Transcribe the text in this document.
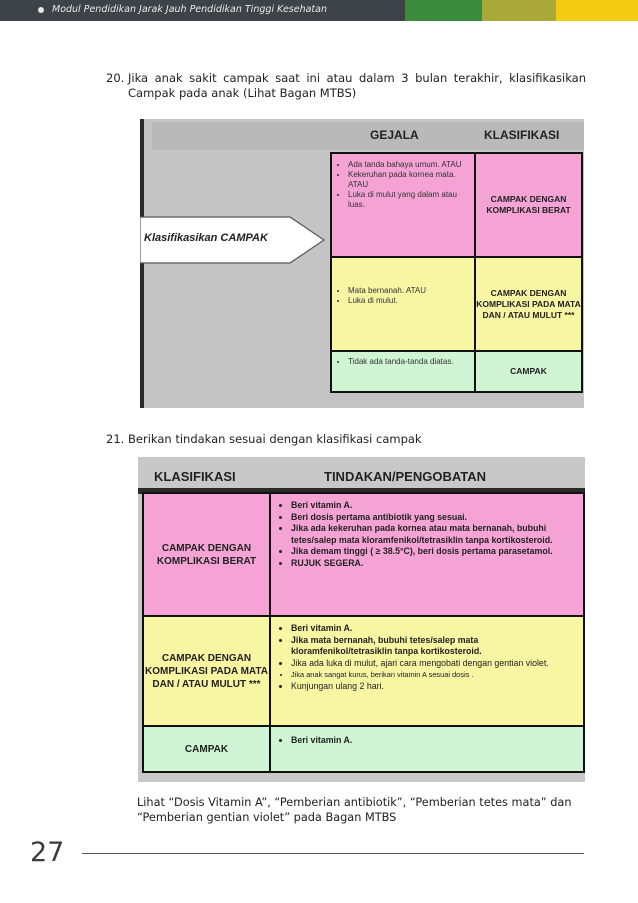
Modul Pendidikan Jarak Jauh Pendidikan Tinggi Kesehatan
20. Jika anak sakit campak saat ini atau dalam 3 bulan terakhir, klasifikasikan Campak pada anak (Lihat Bagan MTBS)
GEJALA	KLASIFIKASI
Klasifikasikan CAMPAK
• Ada tanda bahaya umum. ATAU
• Kekeruhan pada kornea mata. ATAU
• Luka di mulut yang dalam atau luas.
CAMPAK DENGAN KOMPLIKASI BERAT
• Mata bernanah. ATAU
• Luka di mulut.
CAMPAK DENGAN KOMPLIKASI PADA MATA DAN / ATAU MULUT ***
• Tidak ada tanda-tanda diatas.
CAMPAK
21. Berikan tindakan sesuai dengan klasifikasi campak
KLASIFIKASI	TINDAKAN/PENGOBATAN
CAMPAK DENGAN KOMPLIKASI BERAT
• Beri vitamin A.
• Beri dosis pertama antibiotik yang sesuai.
• Jika ada kekeruhan pada kornea atau mata bernanah, bubuhi tetes/salep mata kloramfenikol/tetrasiklin tanpa kortikosteroid.
• Jika demam tinggi ( ≥ 38.5°C), beri dosis pertama parasetamol.
• RUJUK SEGERA.
CAMPAK DENGAN KOMPLIKASI PADA MATA DAN / ATAU MULUT ***
• Beri vitamin A.
• Jika mata bernanah, bubuhi tetes/salep mata kloramfenikol/tetrasiklin tanpa kortikosteroid.
• Jika ada luka di mulut, ajari cara mengobati dengan gentian violet.
• Jika anak sangat kurus, berikan vitamin A sesuai dosis .
• Kunjungan ulang 2 hari.
CAMPAK
• Beri vitamin A.
Lihat “Dosis Vitamin A”, “Pemberian antibiotik”, “Pemberian tetes mata” dan “Pemberian gentian violet” pada Bagan MTBS
27
